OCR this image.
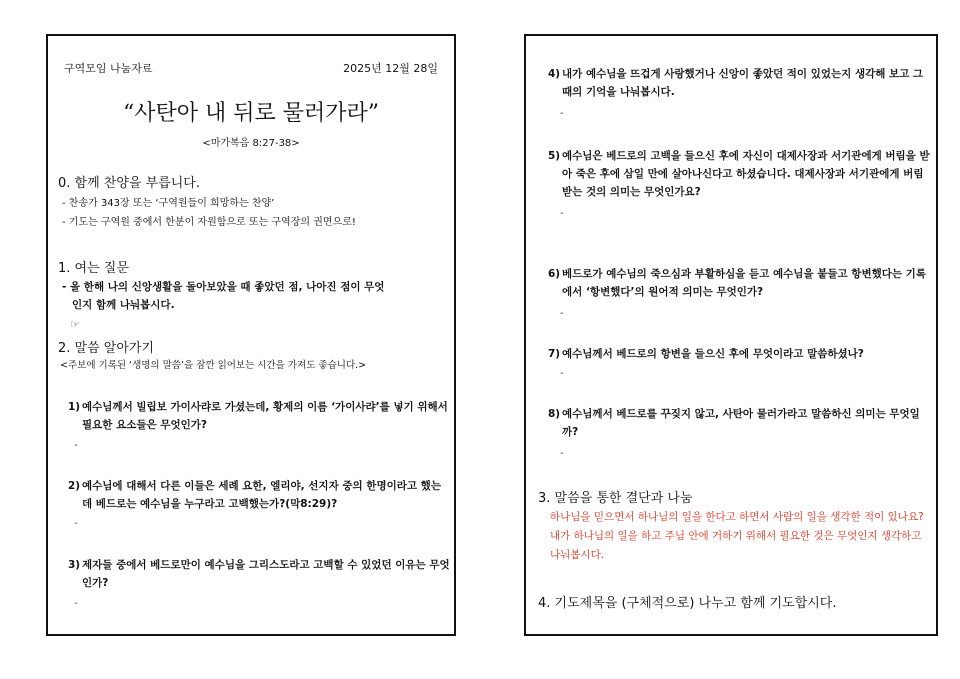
구역모임 나눔자료	2025년 12월 28일
“사탄아 내 뒤로 물러가라”
<마가복음 8:27-38>
0. 함께 찬양을 부릅니다.
- 찬송가 343장 또는 ‘구역원들이 희망하는 찬양’
- 기도는 구역원 중에서 한분이 자원함으로 또는 구역장의 권면으로!
1. 여는 질문
- 올 한해 나의 신앙생활을 돌아보았을 때 좋았던 점, 나아진 점이 무엇
인지 함께 나눠봅시다.
☞
2. 말씀 알아가기
<주보에 기록된 ‘생명의 말씀’을 잠깐 읽어보는 시간을 가져도 좋습니다.>
1) 예수님께서 빌립보 가이사랴로 가셨는데, 황제의 이름 ‘가이사랴’를 넣기 위해서 필요한 요소들은 무엇인가?
-
2) 예수님에 대해서 다른 이들은 세례 요한, 엘리야, 선지자 중의 한명이라고 했는데 베드로는 예수님을 누구라고 고백했는가?(막8:29)?
-
3) 제자들 중에서 베드로만이 예수님을 그리스도라고 고백할 수 있었던 이유는 무엇인가?
-
4) 내가 예수님을 뜨겁게 사랑했거나 신앙이 좋았던 적이 있었는지 생각해 보고 그 때의 기억을 나눠봅시다.
-
5) 예수님은 베드로의 고백을 들으신 후에 자신이 대제사장과 서기관에게 버림을 받아 죽은 후에 삼일 만에 살아나신다고 하셨습니다. 대제사장과 서기관에게 버림받는 것의 의미는 무엇인가요?
-
6) 베드로가 예수님의 죽으심과 부활하심을 듣고 예수님을 붙들고 항변했다는 기록에서 ‘항변했다’의 원어적 의미는 무엇인가?
-
7) 예수님께서 베드로의 항변을 들으신 후에 무엇이라고 말씀하셨나?
-
8) 예수님께서 베드로를 꾸짖지 않고, 사탄아 물러가라고 말씀하신 의미는 무엇일까?
-
3. 말씀을 통한 결단과 나눔
하나님을 믿으면서 하나님의 일을 한다고 하면서 사람의 일을 생각한 적이 있나요? 내가 하나님의 일을 하고 주님 안에 거하기 위해서 필요한 것은 무엇인지 생각하고 나눠봅시다.
4. 기도제목을 (구체적으로) 나누고 함께 기도합시다.
